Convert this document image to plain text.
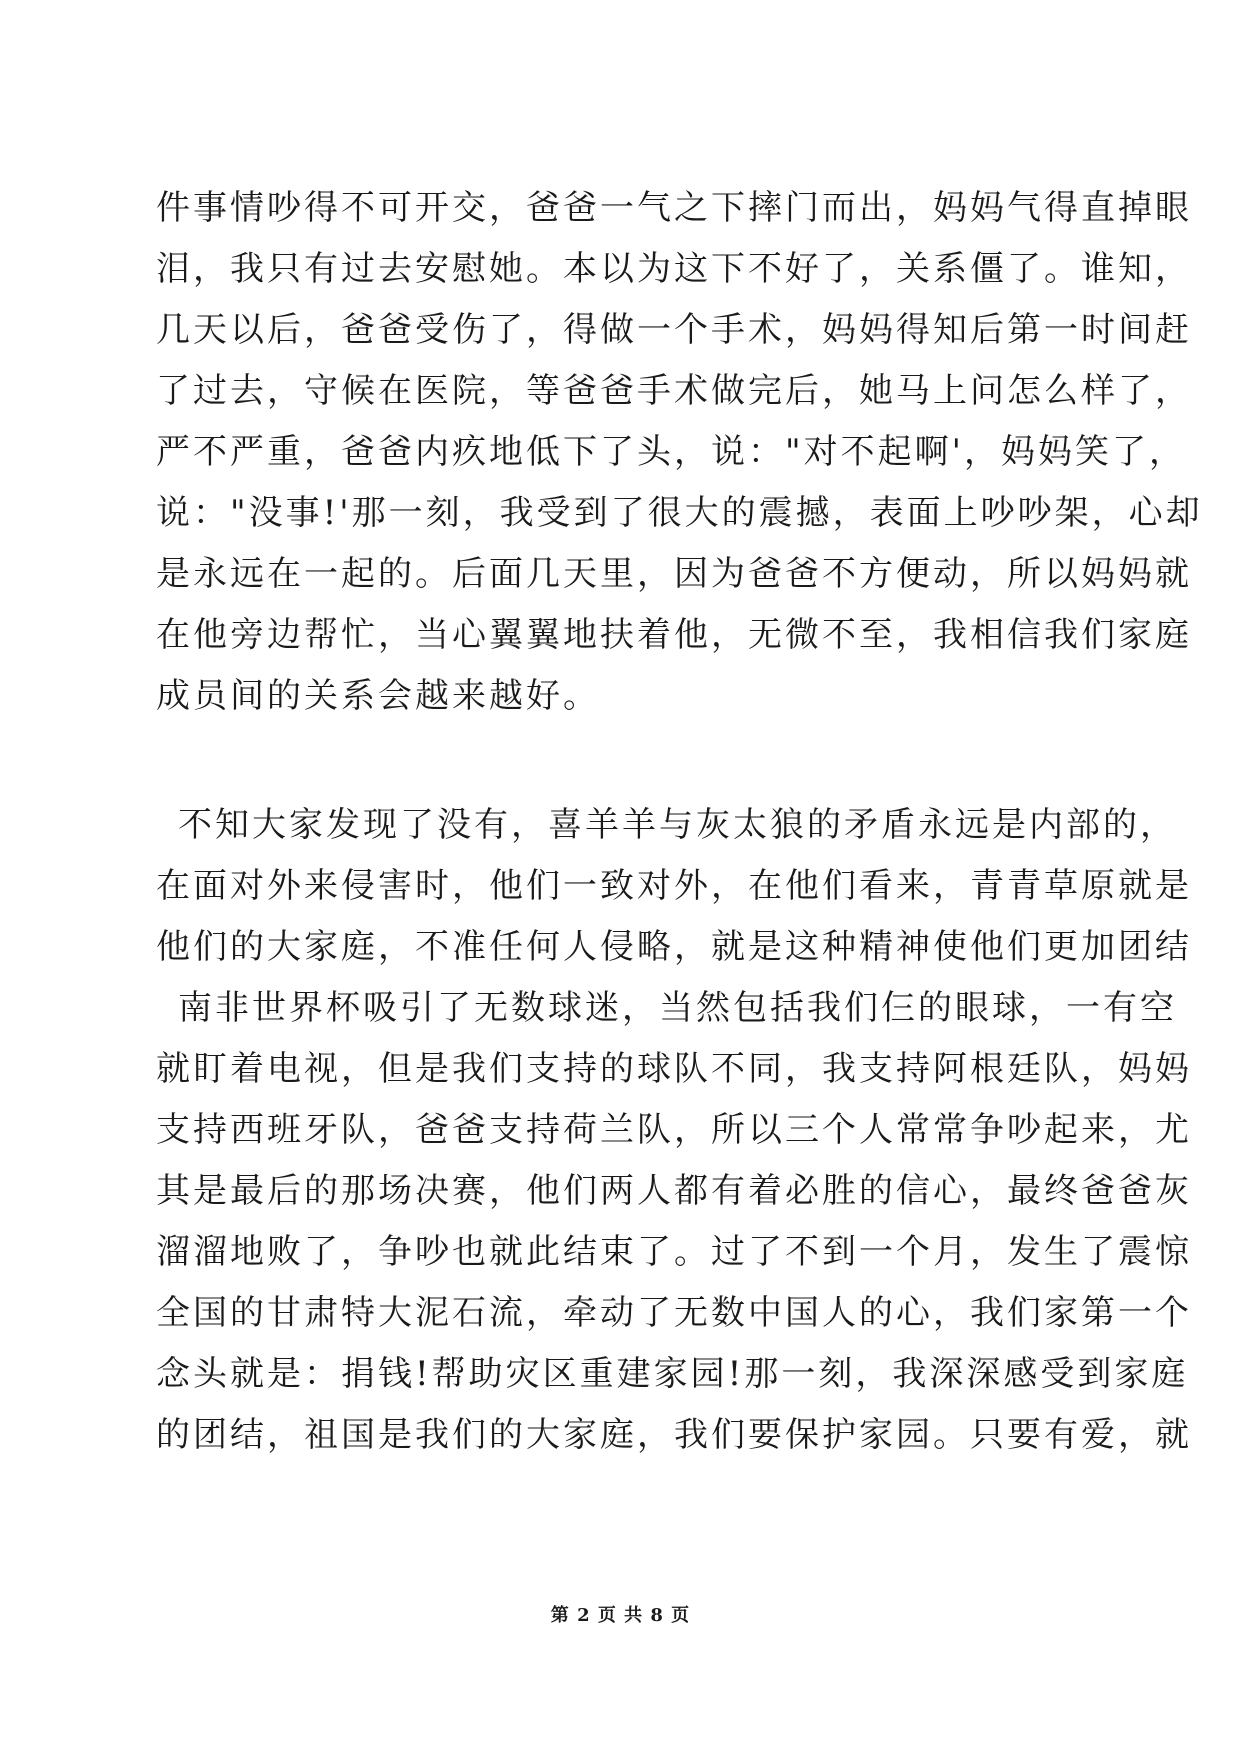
件事情吵得不可开交，爸爸一气之下摔门而出，妈妈气得直掉眼
泪，我只有过去安慰她。本以为这下不好了，关系僵了。谁知，
几天以后，爸爸受伤了，得做一个手术，妈妈得知后第一时间赶
了过去，守候在医院，等爸爸手术做完后，她马上问怎么样了，
严不严重，爸爸内疚地低下了头，说："对不起啊'，妈妈笑了，
说："没事!'那一刻，我受到了很大的震撼，表面上吵吵架，心却
是永远在一起的。后面几天里，因为爸爸不方便动，所以妈妈就
在他旁边帮忙，当心翼翼地扶着他，无微不至，我相信我们家庭
成员间的关系会越来越好。
不知大家发现了没有，喜羊羊与灰太狼的矛盾永远是内部的，
在面对外来侵害时，他们一致对外，在他们看来，青青草原就是
他们的大家庭，不准任何人侵略，就是这种精神使他们更加团结
南非世界杯吸引了无数球迷，当然包括我们仨的眼球，一有空
就盯着电视，但是我们支持的球队不同，我支持阿根廷队，妈妈
支持西班牙队，爸爸支持荷兰队，所以三个人常常争吵起来，尤
其是最后的那场决赛，他们两人都有着必胜的信心，最终爸爸灰
溜溜地败了，争吵也就此结束了。过了不到一个月，发生了震惊
全国的甘肃特大泥石流，牵动了无数中国人的心，我们家第一个
念头就是：捐钱!帮助灾区重建家园!那一刻，我深深感受到家庭
的团结，祖国是我们的大家庭，我们要保护家园。只要有爱，就
第 2 页 共 8 页
